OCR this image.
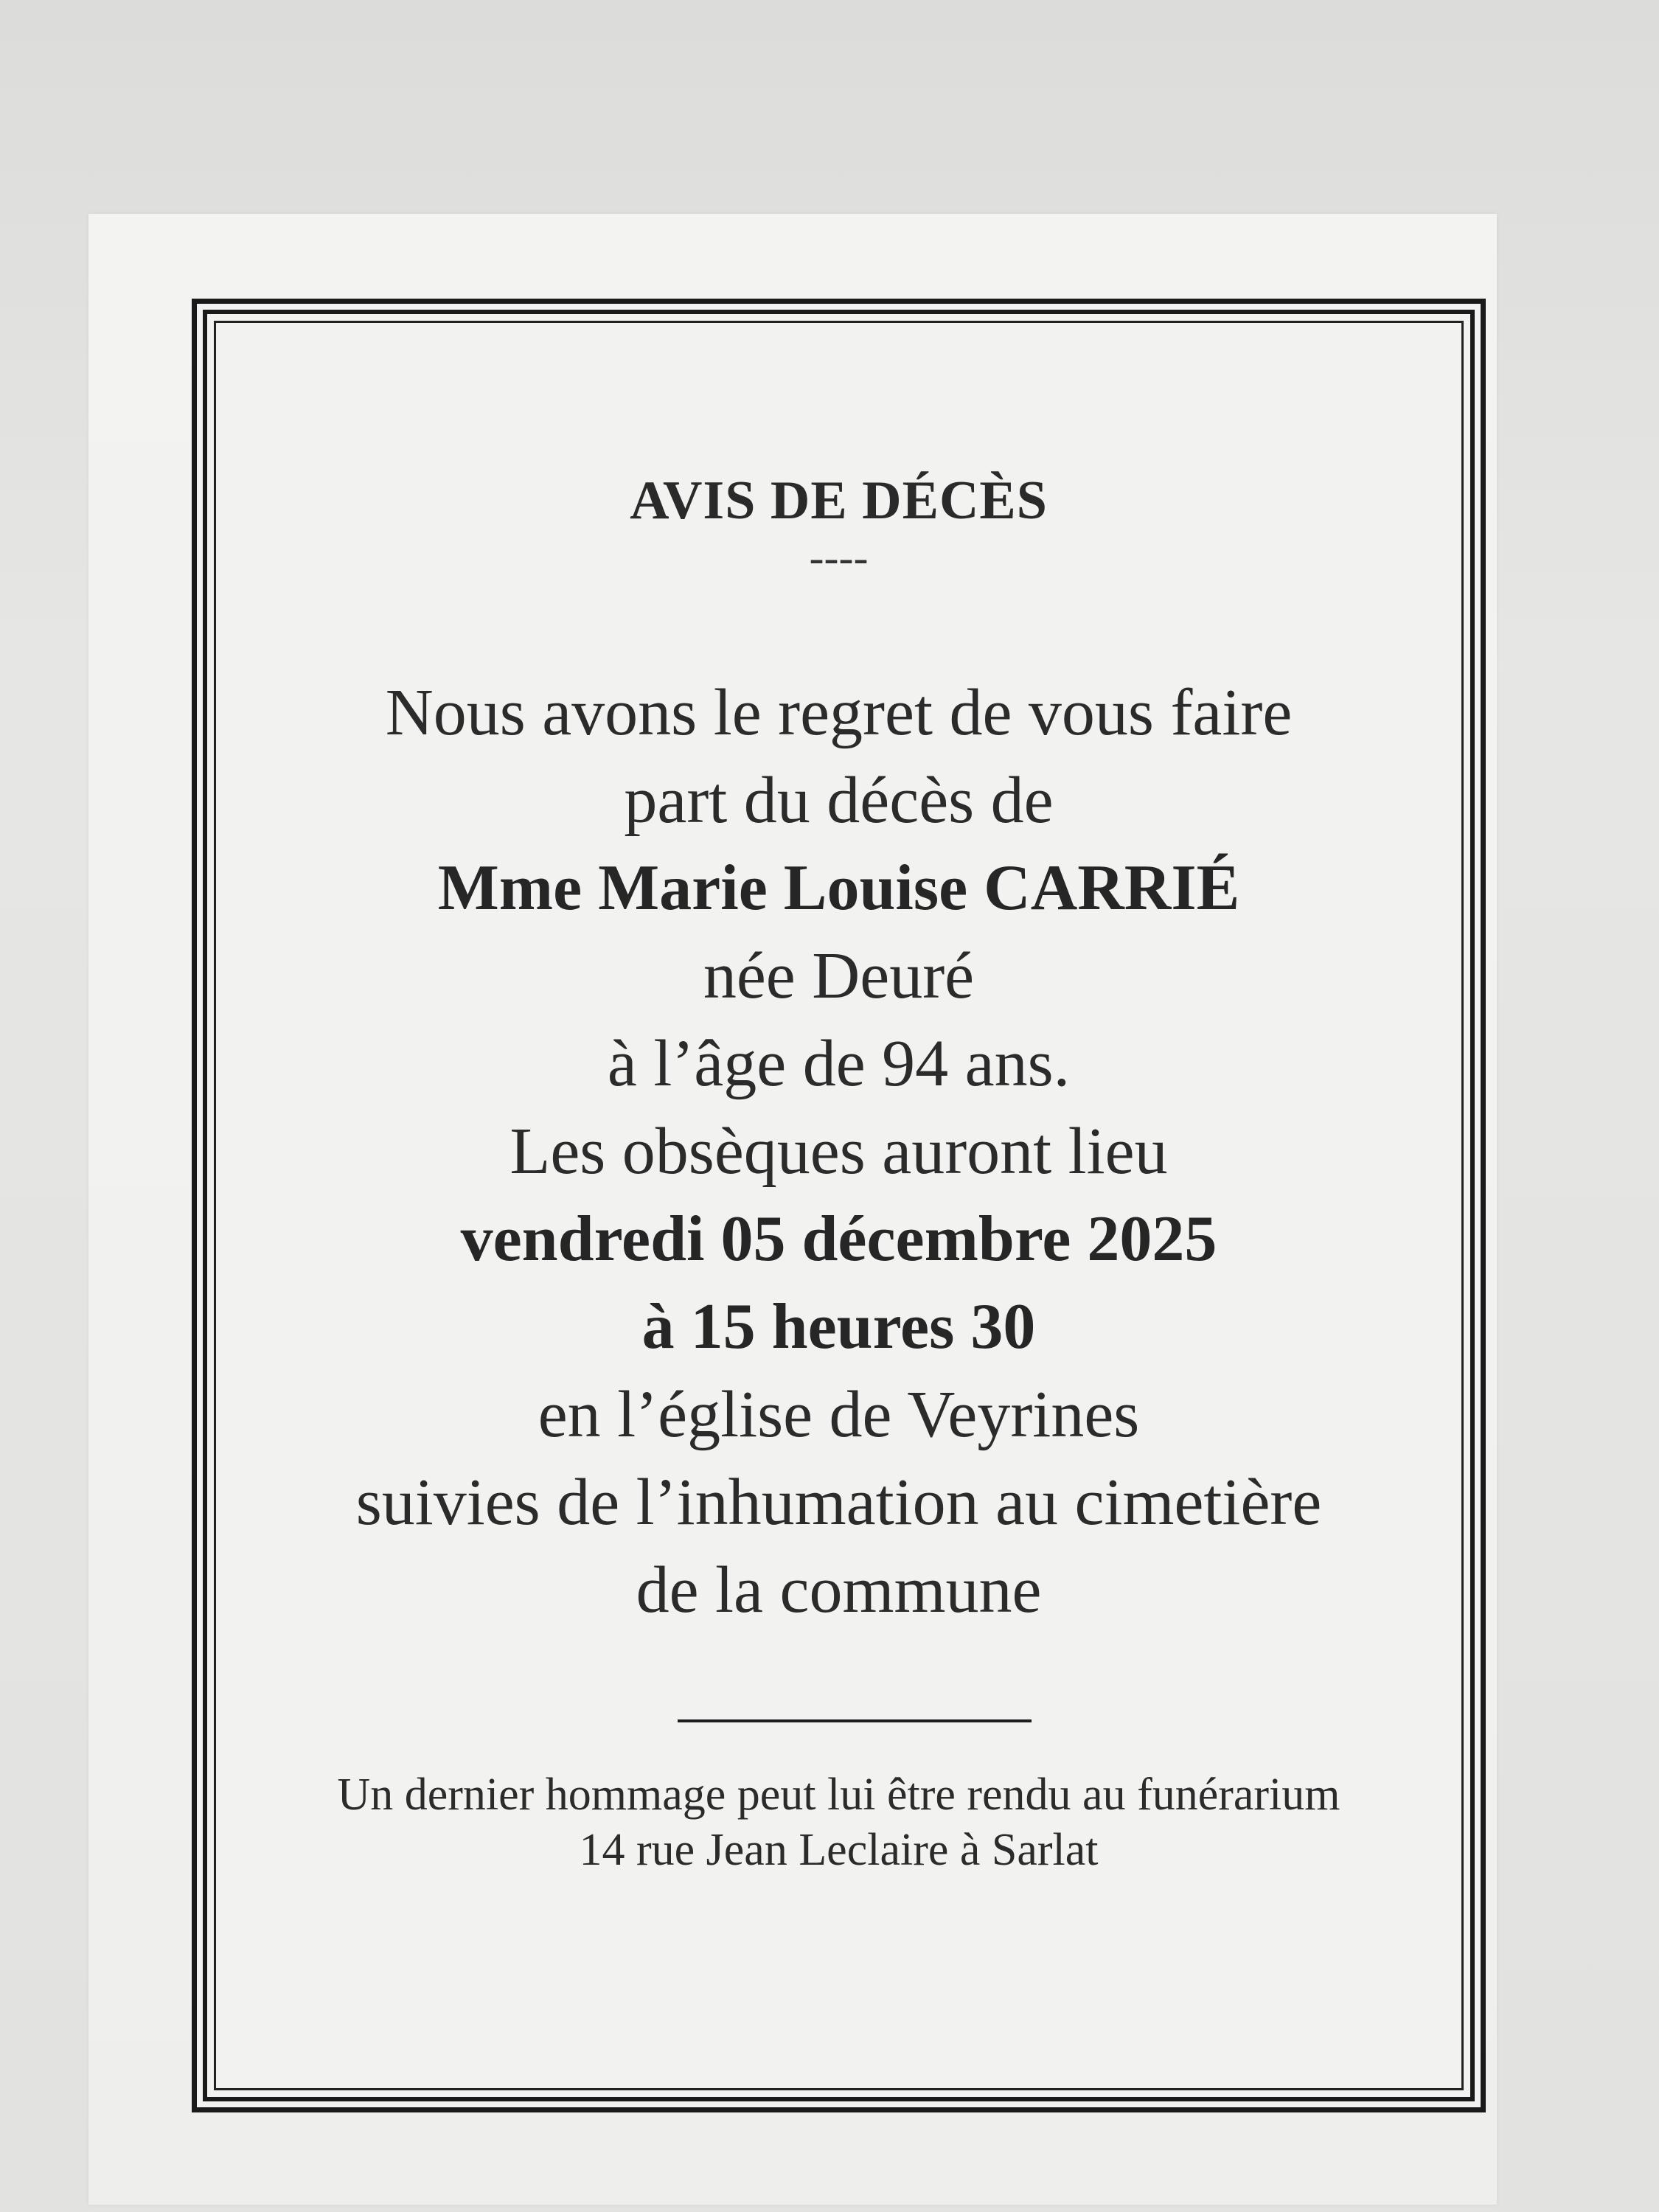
AVIS DE DÉCÈS
----
Nous avons le regret de vous faire
part du décès de
Mme Marie Louise CARRIÉ
née Deuré
à l’âge de 94 ans.
Les obsèques auront lieu
vendredi 05 décembre 2025
à 15 heures 30
en l’église de Veyrines
suivies de l’inhumation au cimetière
de la commune
Un dernier hommage peut lui être rendu au funérarium
14 rue Jean Leclaire à Sarlat
